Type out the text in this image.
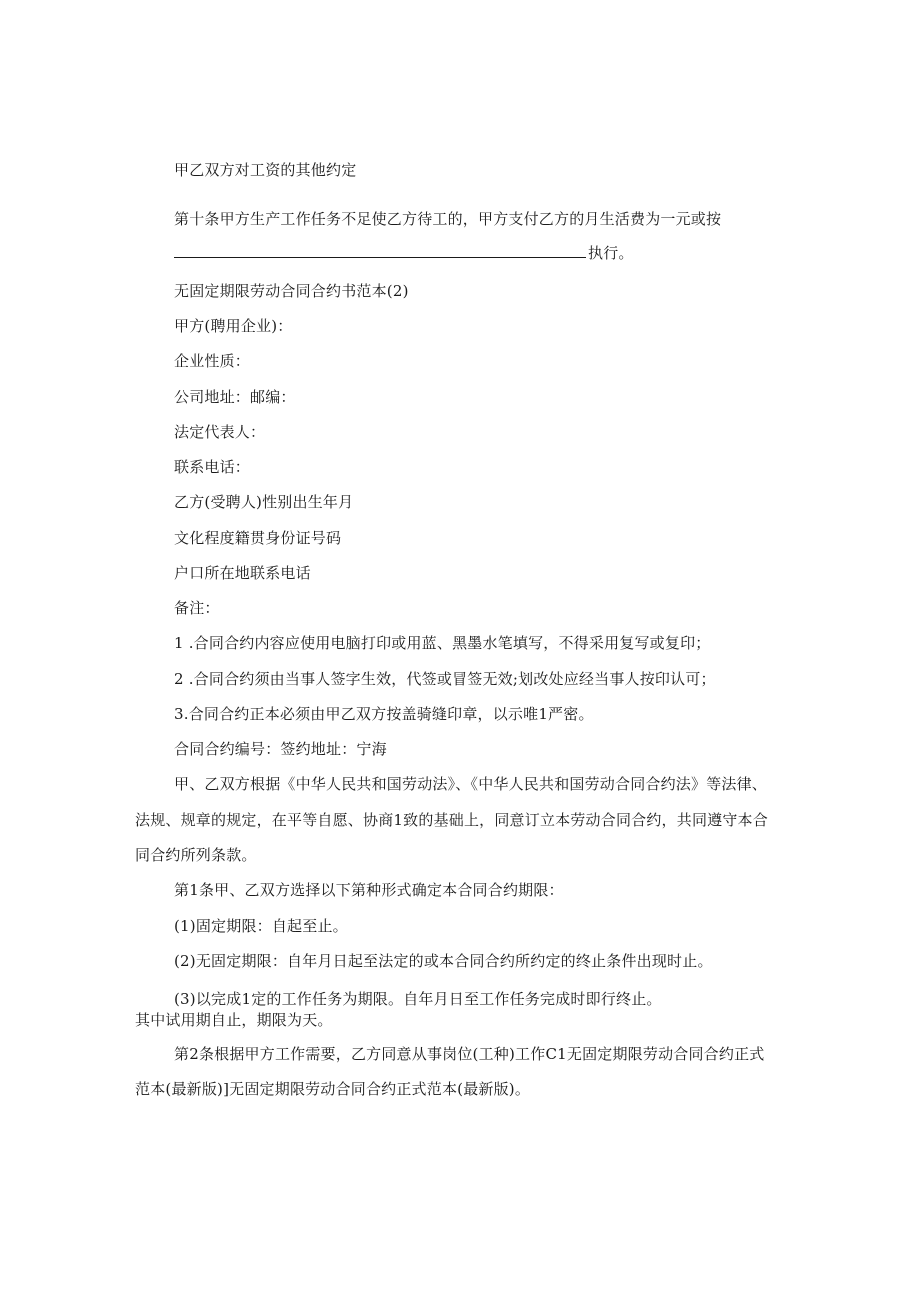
甲乙双方对工资的其他约定
第十条甲方生产工作任务不足使乙方待工的，甲方支付乙方的月生活费为一元或按
执行。
无固定期限劳动合同合约书范本(2)
甲方(聘用企业)：
企业性质：
公司地址：邮编：
法定代表人：
联系电话：
乙方(受聘人)性别出生年月
文化程度籍贯身份证号码
户口所在地联系电话
备注：
1 .合同合约内容应使用电脑打印或用蓝、黑墨水笔填写，不得采用复写或复印；
2 .合同合约须由当事人签字生效，代签或冒签无效;划改处应经当事人按印认可；
3.合同合约正本必须由甲乙双方按盖骑缝印章，以示唯1严密。
合同合约编号：签约地址：宁海
甲、乙双方根据《中华人民共和国劳动法》、《中华人民共和国劳动合同合约法》等法律、
法规、规章的规定，在平等自愿、协商1致的基础上，同意订立本劳动合同合约，共同遵守本合
同合约所列条款。
第1条甲、乙双方选择以下第种形式确定本合同合约期限：
(1)固定期限：自起至止。
(2)无固定期限：自年月日起至法定的或本合同合约所约定的终止条件出现时止。
(3)以完成1定的工作任务为期限。自年月日至工作任务完成时即行终止。
其中试用期自止，期限为天。
第2条根据甲方工作需要，乙方同意从事岗位(工种)工作C1无固定期限劳动合同合约正式
范本(最新版)]无固定期限劳动合同合约正式范本(最新版)。
